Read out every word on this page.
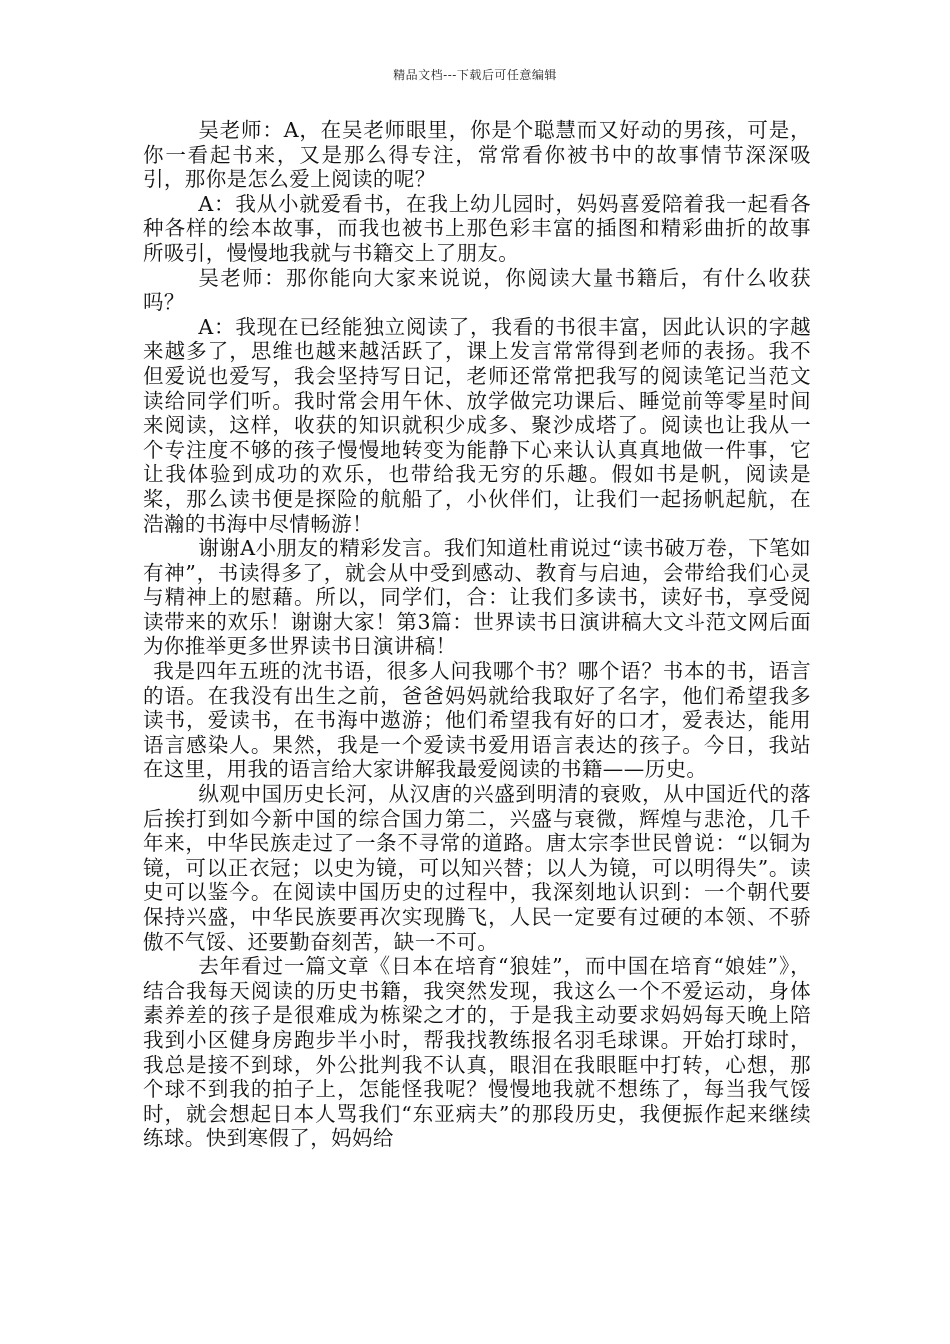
精品文档---下载后可任意编辑

吴老师：A，在吴老师眼里，你是个聪慧而又好动的男孩，可是，你一看起书来，又是那么得专注，常常看你被书中的故事情节深深吸引，那你是怎么爱上阅读的呢？

A：我从小就爱看书，在我上幼儿园时，妈妈喜爱陪着我一起看各种各样的绘本故事，而我也被书上那色彩丰富的插图和精彩曲折的故事所吸引，慢慢地我就与书籍交上了朋友。

吴老师：那你能向大家来说说，你阅读大量书籍后，有什么收获吗？

A：我现在已经能独立阅读了，我看的书很丰富，因此认识的字越来越多了，思维也越来越活跃了，课上发言常常得到老师的表扬。我不但爱说也爱写，我会坚持写日记，老师还常常把我写的阅读笔记当范文读给同学们听。我时常会用午休、放学做完功课后、睡觉前等零星时间来阅读，这样，收获的知识就积少成多、聚沙成塔了。阅读也让我从一个专注度不够的孩子慢慢地转变为能静下心来认认真真地做一件事，它让我体验到成功的欢乐，也带给我无穷的乐趣。假如书是帆，阅读是桨，那么读书便是探险的航船了，小伙伴们，让我们一起扬帆起航，在浩瀚的书海中尽情畅游！

谢谢A小朋友的精彩发言。我们知道杜甫说过“读书破万卷，下笔如有神”，书读得多了，就会从中受到感动、教育与启迪，会带给我们心灵与精神上的慰藉。所以，同学们，合：让我们多读书，读好书，享受阅读带来的欢乐！谢谢大家！第3篇：世界读书日演讲稿大文斗范文网后面为你推举更多世界读书日演讲稿！

我是四年五班的沈书语，很多人问我哪个书？哪个语？书本的书，语言的语。在我没有出生之前，爸爸妈妈就给我取好了名字，他们希望我多读书，爱读书，在书海中遨游；他们希望我有好的口才，爱表达，能用语言感染人。果然，我是一个爱读书爱用语言表达的孩子。今日，我站在这里，用我的语言给大家讲解我最爱阅读的书籍——历史。

纵观中国历史长河，从汉唐的兴盛到明清的衰败，从中国近代的落后挨打到如今新中国的综合国力第二，兴盛与衰微，辉煌与悲沧，几千年来，中华民族走过了一条不寻常的道路。唐太宗李世民曾说：“以铜为镜，可以正衣冠；以史为镜，可以知兴替；以人为镜，可以明得失”。读史可以鉴今。在阅读中国历史的过程中，我深刻地认识到：一个朝代要保持兴盛，中华民族要再次实现腾飞，人民一定要有过硬的本领、不骄傲不气馁、还要勤奋刻苦，缺一不可。

去年看过一篇文章《日本在培育“狼娃”，而中国在培育“娘娃”》，结合我每天阅读的历史书籍，我突然发现，我这么一个不爱运动，身体素养差的孩子是很难成为栋梁之才的，于是我主动要求妈妈每天晚上陪我到小区健身房跑步半小时，帮我找教练报名羽毛球课。开始打球时，我总是接不到球，外公批判我不认真，眼泪在我眼眶中打转，心想，那个球不到我的拍子上，怎能怪我呢？慢慢地我就不想练了，每当我气馁时，就会想起日本人骂我们“东亚病夫”的那段历史，我便振作起来继续练球。快到寒假了，妈妈给
